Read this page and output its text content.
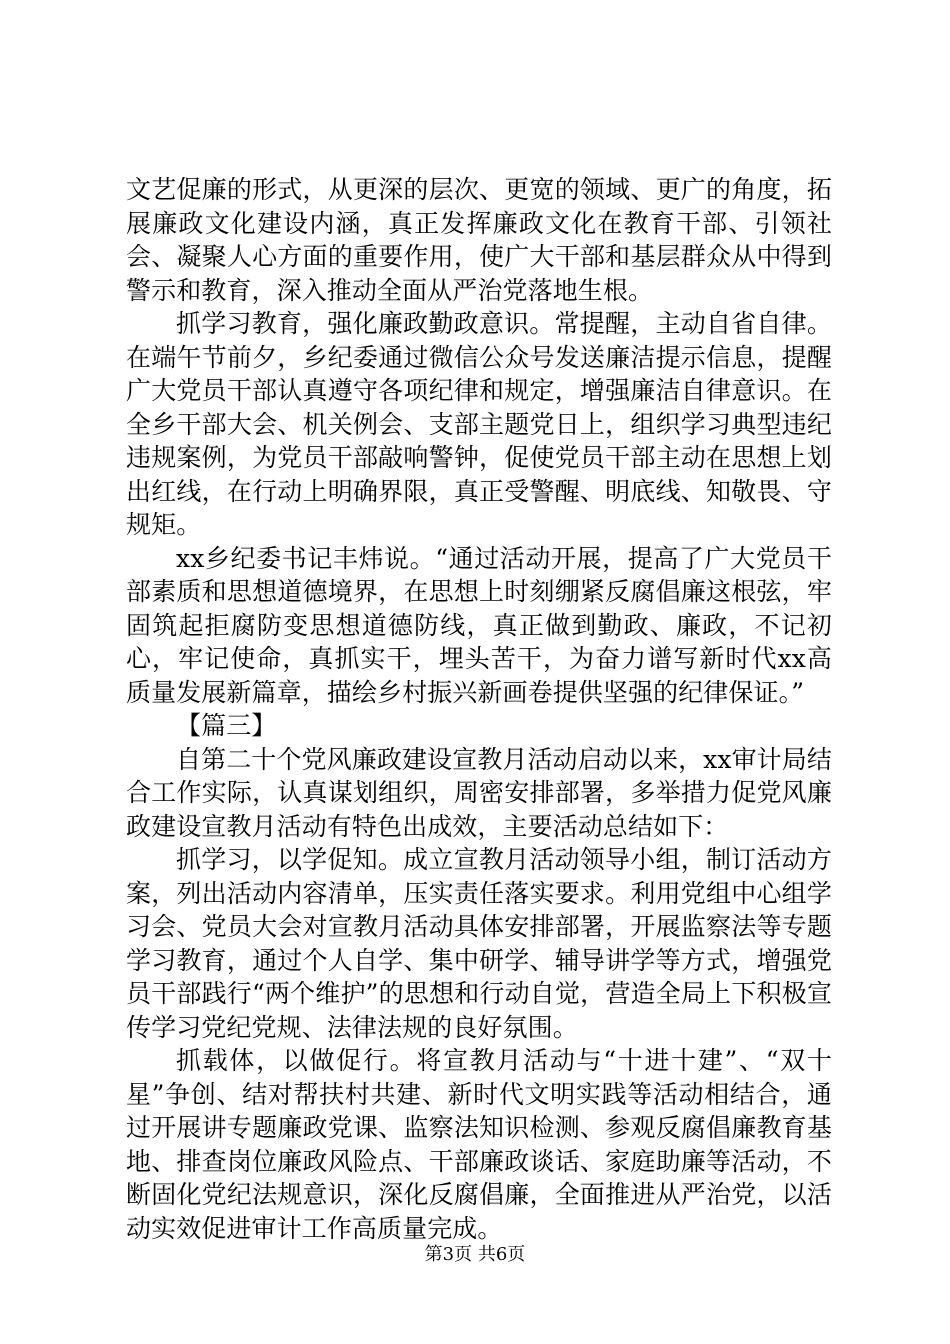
文艺促廉的形式，从更深的层次、更宽的领域、更广的角度，拓展廉政文化建设内涵，真正发挥廉政文化在教育干部、引领社会、凝聚人心方面的重要作用，使广大干部和基层群众从中得到警示和教育，深入推动全面从严治党落地生根。

抓学习教育，强化廉政勤政意识。常提醒，主动自省自律。在端午节前夕，乡纪委通过微信公众号发送廉洁提示信息，提醒广大党员干部认真遵守各项纪律和规定，增强廉洁自律意识。在全乡干部大会、机关例会、支部主题党日上，组织学习典型违纪违规案例，为党员干部敲响警钟，促使党员干部主动在思想上划出红线，在行动上明确界限，真正受警醒、明底线、知敬畏、守规矩。

xx乡纪委书记丰炜说。“通过活动开展，提高了广大党员干部素质和思想道德境界，在思想上时刻绷紧反腐倡廉这根弦，牢固筑起拒腐防变思想道德防线，真正做到勤政、廉政，不记初心，牢记使命，真抓实干，埋头苦干，为奋力谱写新时代xx高质量发展新篇章，描绘乡村振兴新画卷提供坚强的纪律保证。”

【篇三】

自第二十个党风廉政建设宣教月活动启动以来，xx审计局结合工作实际，认真谋划组织，周密安排部署，多举措力促党风廉政建设宣教月活动有特色出成效，主要活动总结如下：

抓学习，以学促知。成立宣教月活动领导小组，制订活动方案，列出活动内容清单，压实责任落实要求。利用党组中心组学习会、党员大会对宣教月活动具体安排部署，开展监察法等专题学习教育，通过个人自学、集中研学、辅导讲学等方式，增强党员干部践行“两个维护”的思想和行动自觉，营造全局上下积极宣传学习党纪党规、法律法规的良好氛围。

抓载体，以做促行。将宣教月活动与“十进十建”、“双十星”争创、结对帮扶村共建、新时代文明实践等活动相结合，通过开展讲专题廉政党课、监察法知识检测、参观反腐倡廉教育基地、排查岗位廉政风险点、干部廉政谈话、家庭助廉等活动，不断固化党纪法规意识，深化反腐倡廉，全面推进从严治党，以活动实效促进审计工作高质量完成。

第3页 共6页
